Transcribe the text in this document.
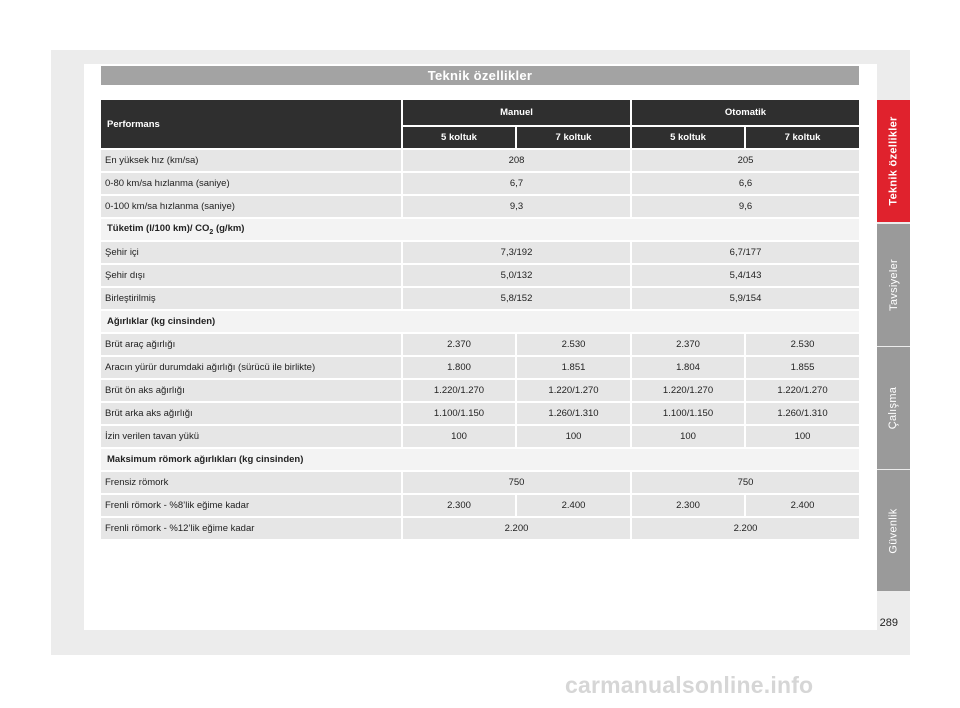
Teknik özellikler
Performans	Manuel		Otomatik	
	5 koltuk	7 koltuk	5 koltuk	7 koltuk
En yüksek hız (km/sa)	208		205	
0-80 km/sa hızlanma (saniye)	6,7		6,6	
0-100 km/sa hızlanma (saniye)	9,3		9,6	
Tüketim (l/100 km)/ $CO_2$ (g/km)				
Şehir içi	7,3/192		6,7/177	
Şehir dışı	5,0/132		5,4/143	
Birleştirilmiş	5,8/152		5,9/154	
Ağırlıklar (kg cinsinden)				
Brüt araç ağırlığı	2.370	2.530	2.370	2.530
Aracın yürür durumdaki ağırlığı (sürücü ile birlikte)	1.800	1.851	1.804	1.855
Brüt ön aks ağırlığı	1.220/1.270	1.220/1.270	1.220/1.270	1.220/1.270
Brüt arka aks ağırlığı	1.100/1.150	1.260/1.310	1.100/1.150	1.260/1.310
İzin verilen tavan yükü	100	100	100	100
Maksimum römork ağırlıkları (kg cinsinden)				
Frensiz römork	750		750	
Frenli römork - %8’lik eğime kadar	2.300	2.400	2.300	2.400
Frenli römork - %12’lik eğime kadar	2.200		2.200	
Teknik özellikler
Tavsiyeler
Çalışma
Güvenlik
289
carmanualsonline.info
